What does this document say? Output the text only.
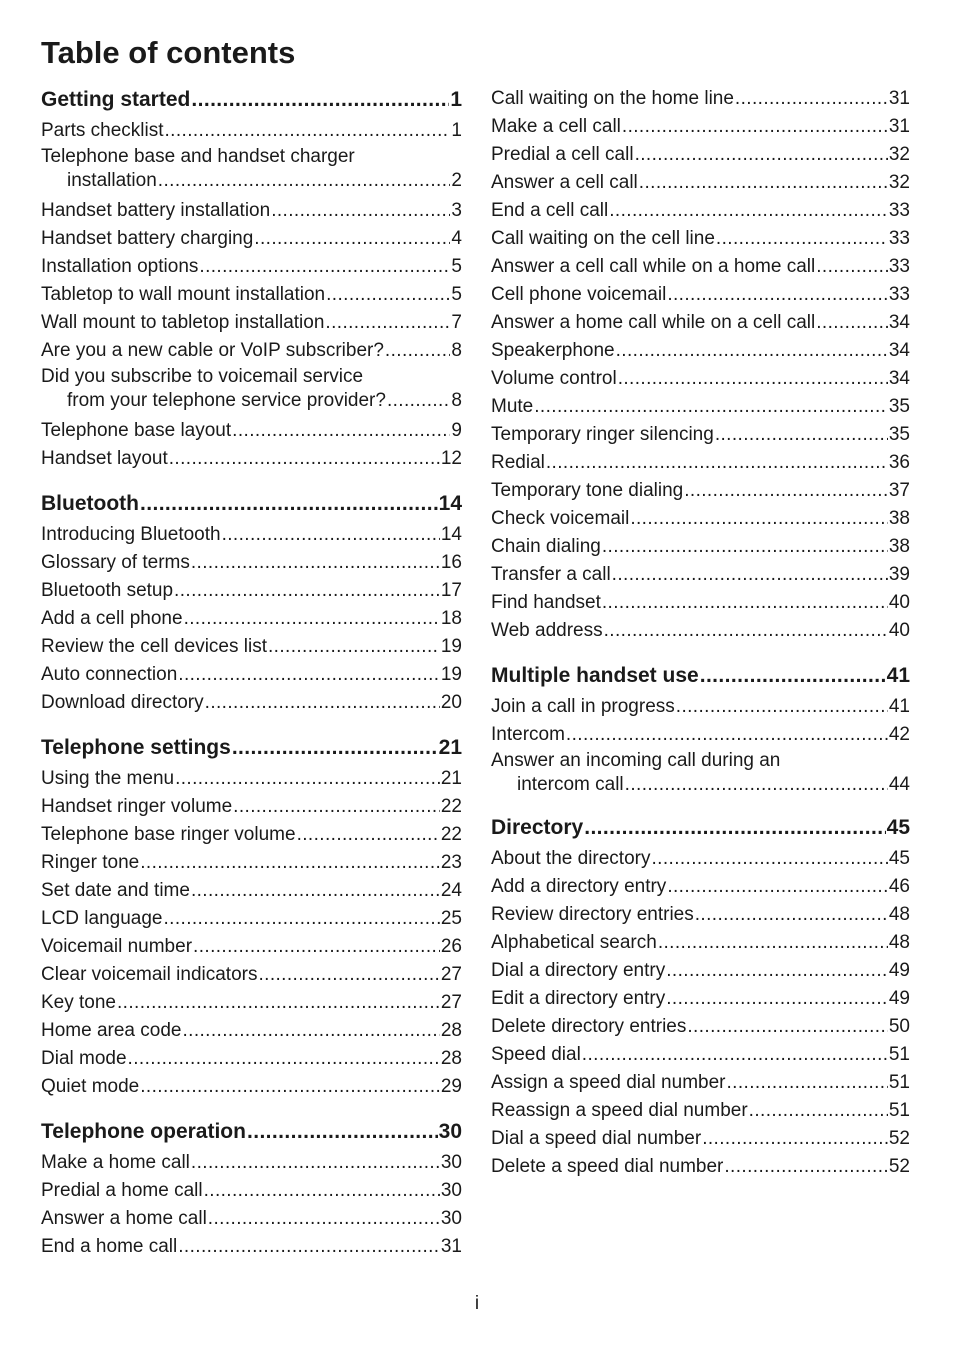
Table of contents
Getting started .....	1
Parts checklist .....	1
Telephone base and handset charger
installation .....	2
Handset battery installation .....	3
Handset battery charging .....	4
Installation options .....	5
Tabletop to wall mount installation .....	5
Wall mount to tabletop installation .....	7
Are you a new cable or VoIP subscriber? .....	8
Did you subscribe to voicemail service
from your telephone service provider? .....	8
Telephone base layout .....	9
Handset layout .....	12
Bluetooth .....	14
Introducing Bluetooth .....	14
Glossary of terms .....	16
Bluetooth setup .....	17
Add a cell phone .....	18
Review the cell devices list .....	19
Auto connection .....	19
Download directory .....	20
Telephone settings .....	21
Using the menu .....	21
Handset ringer volume .....	22
Telephone base ringer volume .....	22
Ringer tone .....	23
Set date and time .....	24
LCD language .....	25
Voicemail number .....	26
Clear voicemail indicators .....	27
Key tone .....	27
Home area code .....	28
Dial mode .....	28
Quiet mode .....	29
Telephone operation .....	30
Make a home call .....	30
Predial a home call .....	30
Answer a home call .....	30
End a home call .....	31
Call waiting on the home line .....	31
Make a cell call .....	31
Predial a cell call .....	32
Answer a cell call .....	32
End a cell call .....	33
Call waiting on the cell line .....	33
Answer a cell call while on a home call .....	33
Cell phone voicemail .....	33
Answer a home call while on a cell call .....	34
Speakerphone .....	34
Volume control .....	34
Mute .....	35
Temporary ringer silencing .....	35
Redial .....	36
Temporary tone dialing .....	37
Check voicemail .....	38
Chain dialing .....	38
Transfer a call .....	39
Find handset .....	40
Web address .....	40
Multiple handset use .....	41
Join a call in progress .....	41
Intercom .....	42
Answer an incoming call during an
intercom call .....	44
Directory .....	45
About the directory .....	45
Add a directory entry .....	46
Review directory entries .....	48
Alphabetical search .....	48
Dial a directory entry .....	49
Edit a directory entry .....	49
Delete directory entries .....	50
Speed dial .....	51
Assign a speed dial number .....	51
Reassign a speed dial number .....	51
Dial a speed dial number .....	52
Delete a speed dial number .....	52
i
